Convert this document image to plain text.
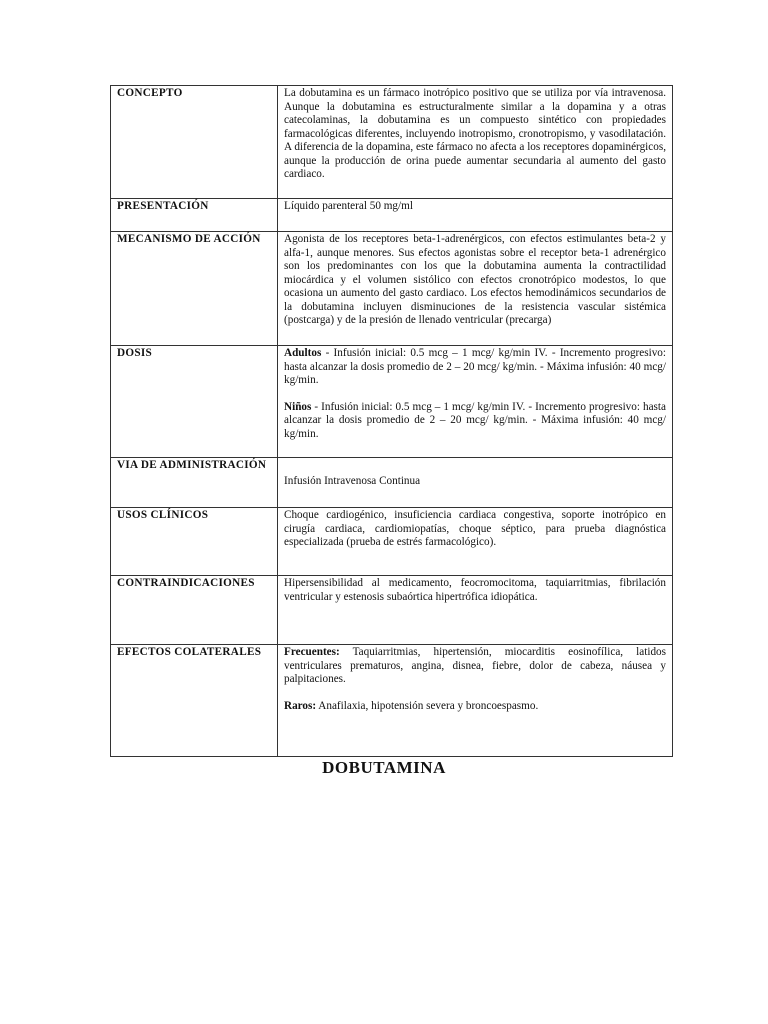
CONCEPTO	La dobutamina es un fármaco inotrópico positivo que se utiliza por vía intravenosa. Aunque la dobutamina es estructuralmente similar a la dopamina y a otras catecolaminas, la dobutamina es un compuesto sintético con propiedades farmacológicas diferentes, incluyendo inotropismo, cronotropismo, y vasodilatación. A diferencia de la dopamina, este fármaco no afecta a los receptores dopaminérgicos, aunque la producción de orina puede aumentar secundaria al aumento del gasto cardiaco.

PRESENTACIÓN	Líquido parenteral 50 mg/ml

MECANISMO DE ACCIÓN	Agonista de los receptores beta-1-adrenérgicos, con efectos estimulantes beta-2 y alfa-1, aunque menores. Sus efectos agonistas sobre el receptor beta-1 adrenérgico son los predominantes con los que la dobutamina aumenta la contractilidad miocárdica y el volumen sistólico con efectos cronotrópico modestos, lo que ocasiona un aumento del gasto cardiaco. Los efectos hemodinámicos secundarios de la dobutamina incluyen disminuciones de la resistencia vascular sistémica (postcarga) y de la presión de llenado ventricular (precarga)

DOSIS	Adultos - Infusión inicial: 0.5 mcg – 1 mcg/ kg/min IV. - Incremento progresivo: hasta alcanzar la dosis promedio de 2 – 20 mcg/ kg/min. - Máxima infusión: 40 mcg/ kg/min.

Niños - Infusión inicial: 0.5 mcg – 1 mcg/ kg/min IV. - Incremento progresivo: hasta alcanzar la dosis promedio de 2 – 20 mcg/ kg/min. - Máxima infusión: 40 mcg/ kg/min.

VIA DE ADMINISTRACIÓN	Infusión Intravenosa Continua

USOS CLÍNICOS	Choque cardiogénico, insuficiencia cardiaca congestiva, soporte inotrópico en cirugía cardiaca, cardiomiopatías, choque séptico, para prueba diagnóstica especializada (prueba de estrés farmacológico).

CONTRAINDICACIONES	Hipersensibilidad al medicamento, feocromocitoma, taquiarritmias, fibrilación ventricular y estenosis subaórtica hipertrófica idiopática.

EFECTOS COLATERALES	Frecuentes: Taquiarritmias, hipertensión, miocarditis eosinofílica, latidos ventriculares prematuros, angina, disnea, fiebre, dolor de cabeza, náusea y palpitaciones.

Raros: Anafilaxia, hipotensión severa y broncoespasmo.

DOBUTAMINA
